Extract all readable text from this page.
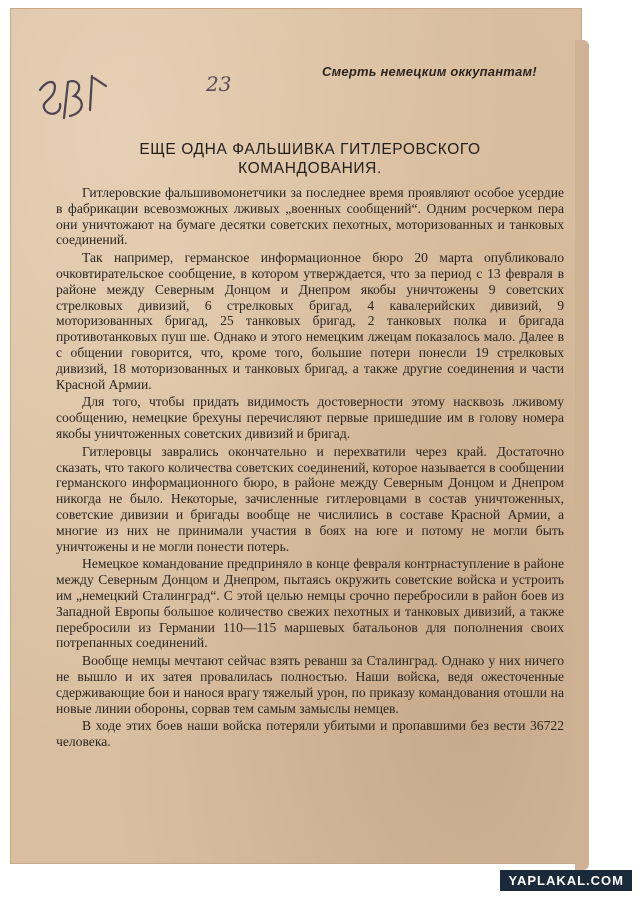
23
Смерть немецким оккупантам!
ЕЩЕ ОДНА ФАЛЬШИВКА ГИТЛЕРОВСКОГО КОМАНДОВАНИЯ.

Гитлеровские фальшивомонетчики за последнее время проявляют особое усердие в фабрикации всевозможных лживых „военных сообщений“. Одним росчерком пера они уничтожают на бумаге десятки советских пехотных, моторизованных и танковых соединений.

Так например, германское информационное бюро 20 марта опубликовало очковтирательское сообщение, в котором утверждается, что за период с 13 февраля в районе между Северным Донцом и Днепром якобы уничтожены 9 советских стрелковых дивизий, 6 стрелковых бригад, 4 кавалерийских дивизий, 9 моторизованных бригад, 25 танковых бригад, 2 танковых полка и бригада противотанковых пуш ше. Однако и этого немецким лжецам показалось мало. Далее в с общении говорится, что, кроме того, большие потери понесли 19 стрелковых дивизий, 18 моторизованных и танковых бригад, а также другие соединения и части Красной Армии.

Для того, чтобы придать видимость достоверности этому насквозь лживому сообщению, немецкие брехуны перечисляют первые пришедшие им в голову номера якобы уничтоженных советских дивизий и бригад.

Гитлеровцы заврались окончательно и перехватили через край. Достаточно сказать, что такого количества советских соединений, которое называется в сообщении германского информационного бюро, в районе между Северным Донцом и Днепром никогда не было. Некоторые, зачисленные гитлеровцами в состав уничтоженных, советские дивизии и бригады вообще не числились в составе Красной Армии, а многие из них не принимали участия в боях на юге и потому не могли быть уничтожены и не могли понести потерь.

Немецкое командование предприняло в конце февраля контрнаступление в районе между Северным Донцом и Днепром, пытаясь окружить советские войска и устроить им „немецкий Сталинград“. С этой целью немцы срочно перебросили в район боев из Западной Европы большое количество свежих пехотных и танковых дивизий, а также перебросили из Германии 110—115 маршевых батальонов для пополнения своих потрепанных соединений.

Вообще немцы мечтают сейчас взять реванш за Сталинград. Однако у них ничего не вышло и их затея провалилась полностью. Наши войска, ведя ожесточенные сдерживающие бои и нанося врагу тяжелый урон, по приказу командования отошли на новые линии обороны, сорвав тем самым замыслы немцев.

В ходе этих боев наши войска потеряли убитыми и пропавшими без вести 36722 человека.

YAPLAKAL.COM
